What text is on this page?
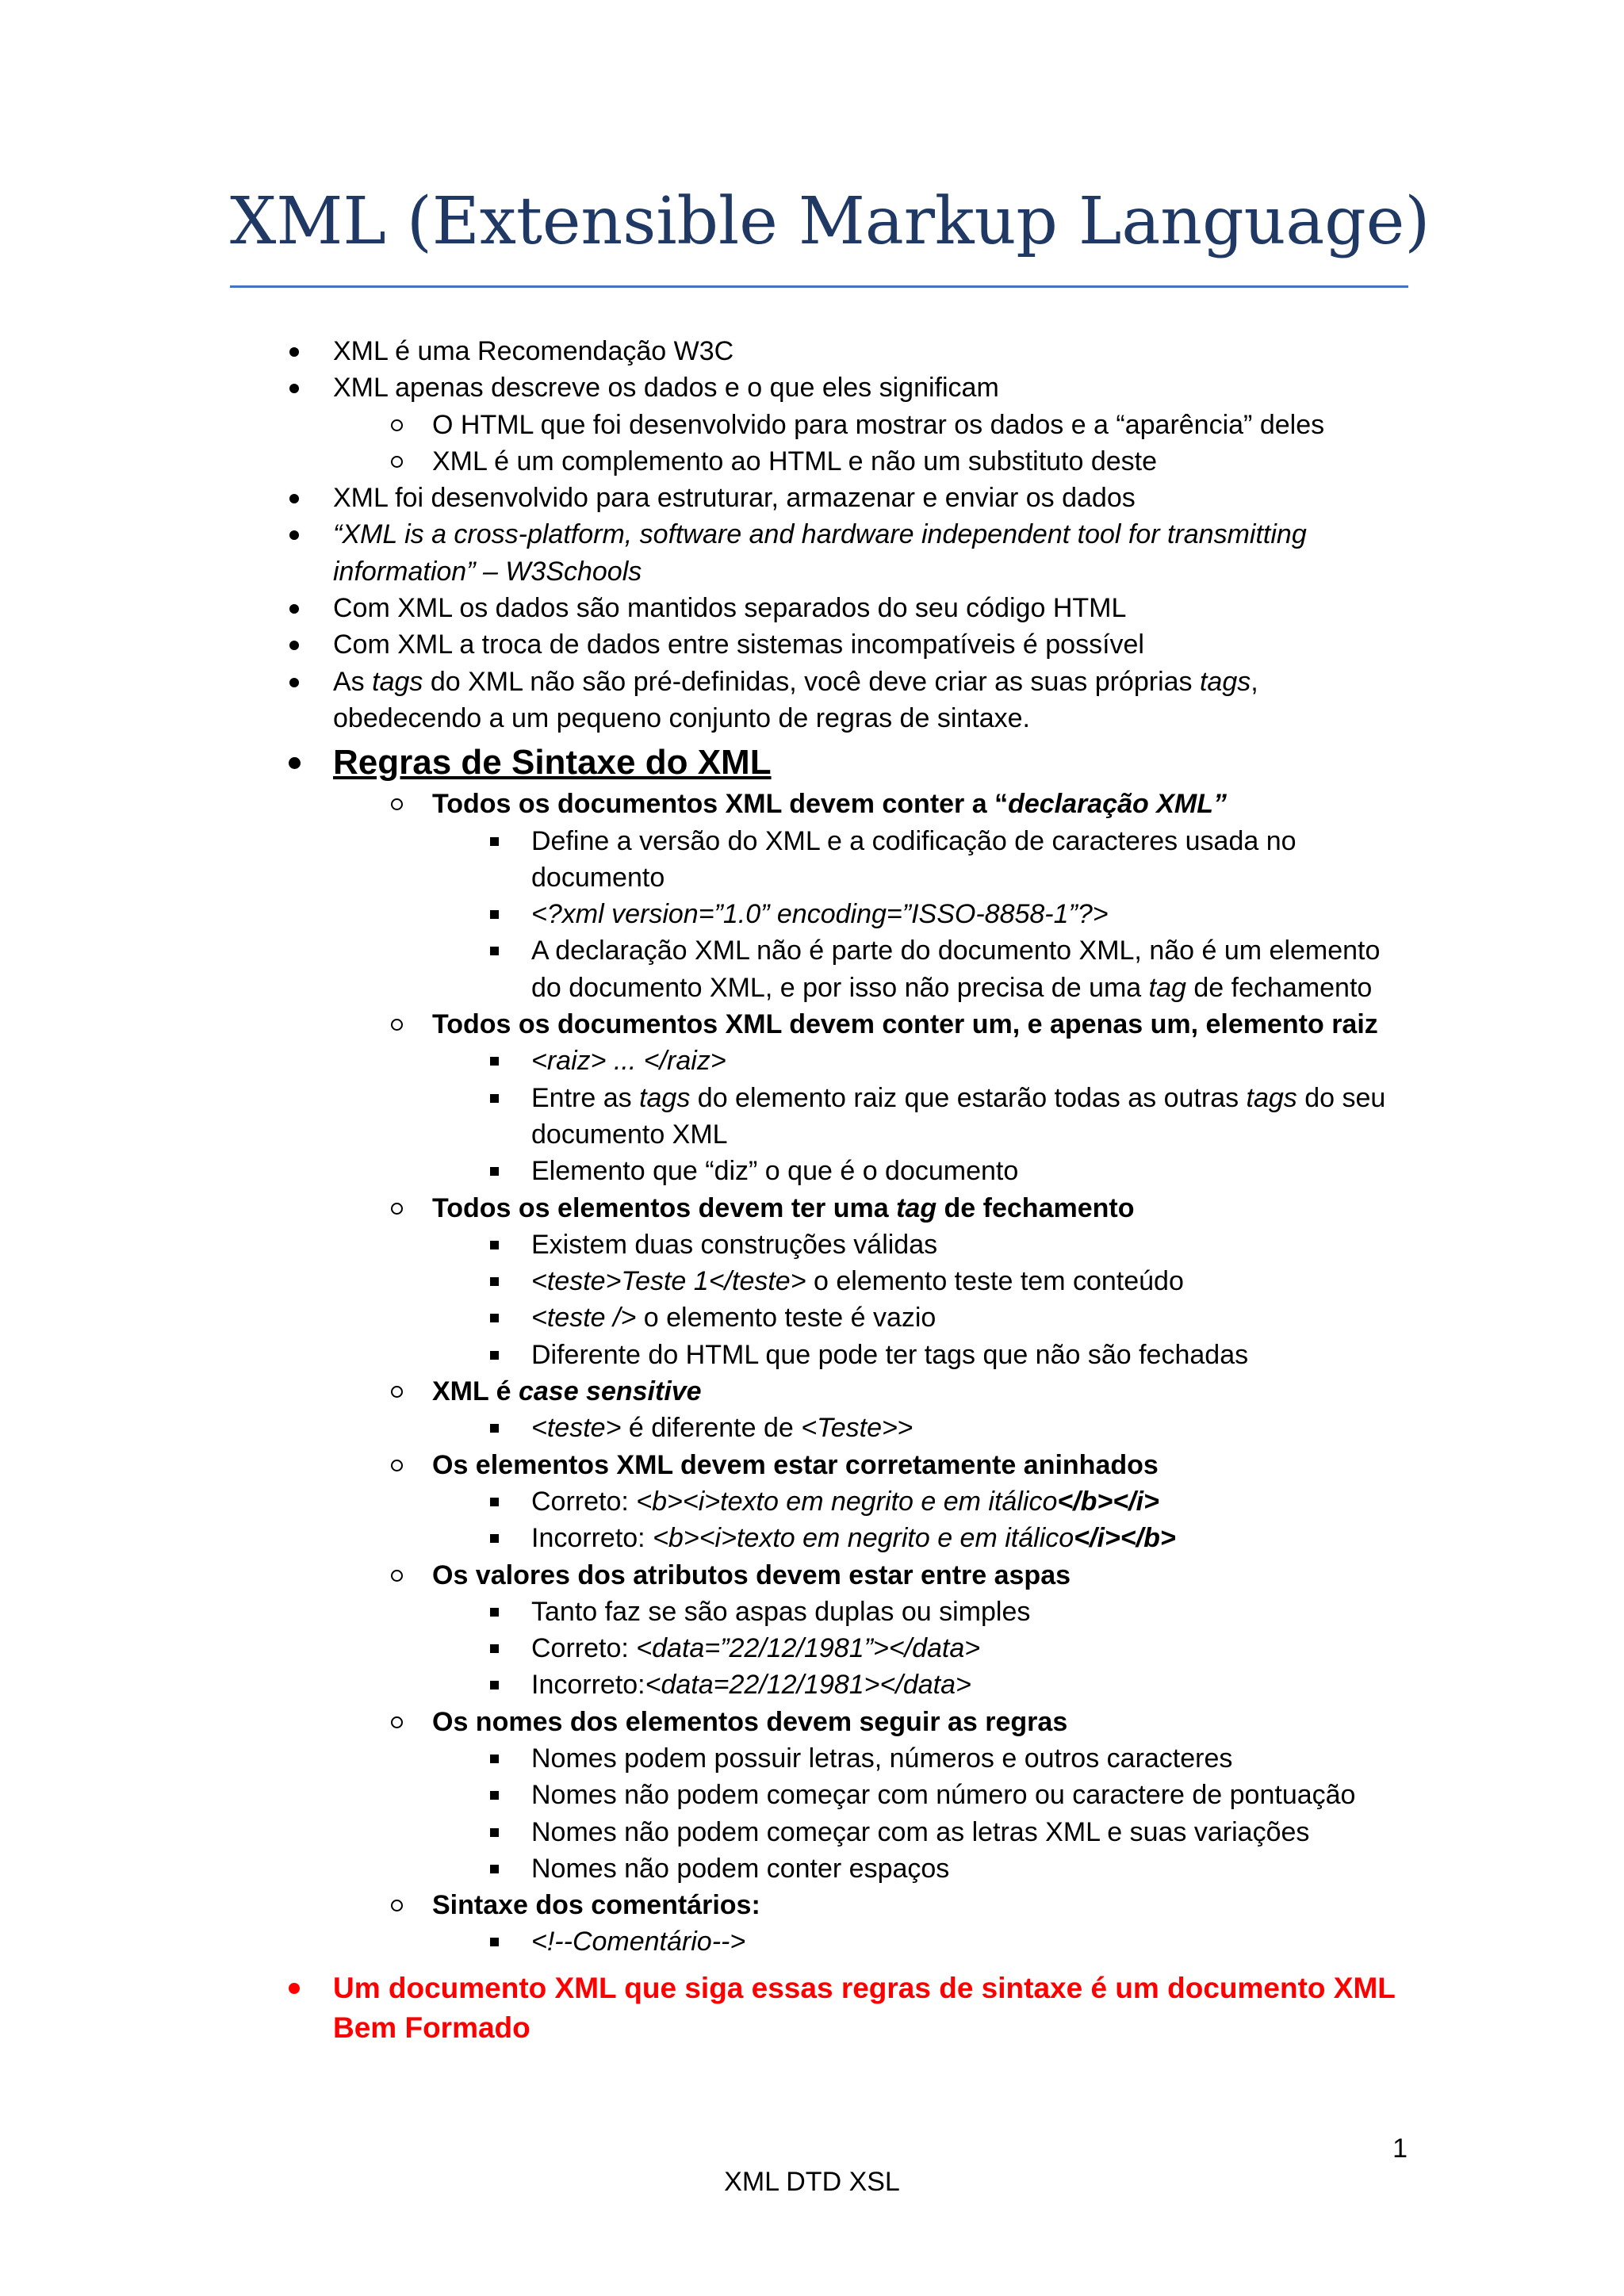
XML (Extensible Markup Language)
XML é uma Recomendação W3C
XML apenas descreve os dados e o que eles significam
O HTML que foi desenvolvido para mostrar os dados e a “aparência” deles
XML é um complemento ao HTML e não um substituto deste
XML foi desenvolvido para estruturar, armazenar e enviar os dados
“XML is a cross-platform, software and hardware independent tool for transmitting information” – W3Schools
Com XML os dados são mantidos separados do seu código HTML
Com XML a troca de dados entre sistemas incompatíveis é possível
As tags do XML não são pré-definidas, você deve criar as suas próprias tags, obedecendo a um pequeno conjunto de regras de sintaxe.
Regras de Sintaxe do XML
Todos os documentos XML devem conter a “declaração XML”
Define a versão do XML e a codificação de caracteres usada no documento
<?xml version=”1.0” encoding=”ISSO-8858-1”?>
A declaração XML não é parte do documento XML, não é um elemento do documento XML, e por isso não precisa de uma tag de fechamento
Todos os documentos XML devem conter um, e apenas um, elemento raiz
<raiz> ... </raiz>
Entre as tags do elemento raiz que estarão todas as outras tags do seu documento XML
Elemento que “diz” o que é o documento
Todos os elementos devem ter uma tag de fechamento
Existem duas construções válidas
<teste>Teste 1</teste> o elemento teste tem conteúdo
<teste /> o elemento teste é vazio
Diferente do HTML que pode ter tags que não são fechadas
XML é case sensitive
<teste> é diferente de <Teste>>
Os elementos XML devem estar corretamente aninhados
Correto: <b><i>texto em negrito e em itálico</b></i>
Incorreto: <b><i>texto em negrito e em itálico</i></b>
Os valores dos atributos devem estar entre aspas
Tanto faz se são aspas duplas ou simples
Correto: <data=”22/12/1981”></data>
Incorreto:<data=22/12/1981></data>
Os nomes dos elementos devem seguir as regras
Nomes podem possuir letras, números e outros caracteres
Nomes não podem começar com número ou caractere de pontuação
Nomes não podem começar com as letras XML e suas variações
Nomes não podem conter espaços
Sintaxe dos comentários:
<!--Comentário-->
Um documento XML que siga essas regras de sintaxe é um documento XML Bem Formado
1
XML DTD XSL
